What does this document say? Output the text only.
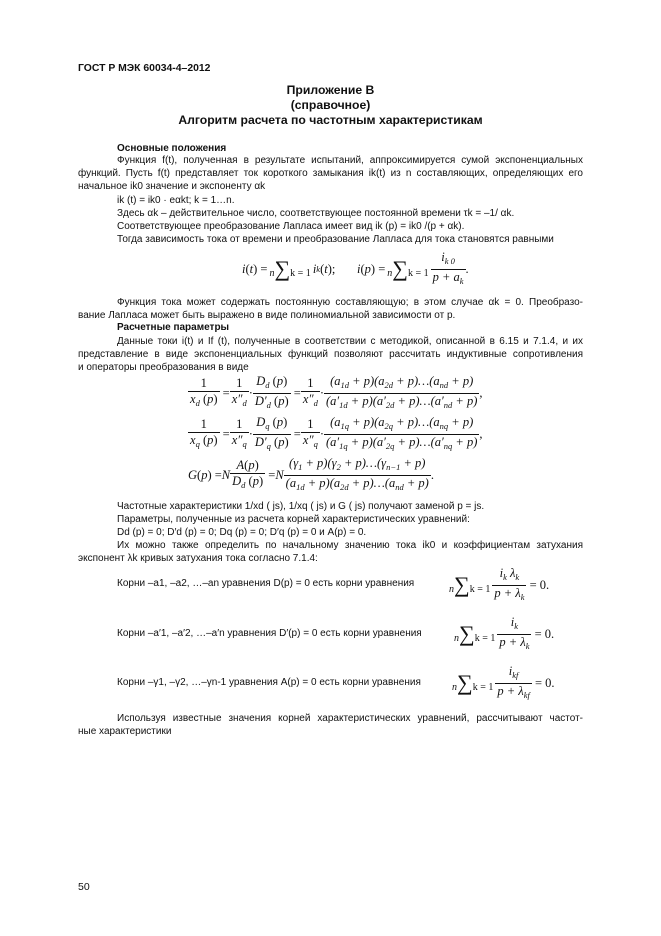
ГОСТ Р МЭК 60034-4–2012
Приложение В
(справочное)
Алгоритм расчета по частотным характеристикам
Основные положения
Функция f(t), полученная в результате испытаний, аппроксимируется сумой экспоненциальных
функций. Пусть f(t) представляет ток короткого замыкания ik(t) из n составляющих, определяющих его
начальное ik0 значение и экспоненту αk
ik (t) = ik0 · eαkt; k = 1…n.
Здесь αk – действительное число, соответствующее постоянной времени τk = –1/ αk.
Соответствующее преобразование Лапласа имеет вид ik (p) = ik0 /(p + αk).
Тогда зависимость тока от времени и преобразование Лапласа для тока становятся равными
i ( t ) = n∑k = 1 i k ( t ); i ( p ) = $n\sum k = 1 \frac{i_{k 0}}{p + a_k}$ .
Функция тока может содержать постоянную составляющую; в этом случае αk = 0. Преобразо-
вание Лапласа может быть выражено в виде полиномиальной зависимости от p.
Расчетные параметры
Данные токи i(t) и If (t), полученные в соответствии с методикой, описанной в 6.15 и 7.1.4, и их
представление в виде экспоненциальных функций позволяют рассчитать индуктивные сопротивления
и операторы преобразования в виде
$\frac{1}{x_d (p)} = \frac{1}{x''_d} \cdot \frac{D_d (p)}{D'_d (p)} = \frac{1}{x''_d} \cdot \frac{(a_{1d} + p)(a_{2d} + p)\dots(a_{nd} + p)}{(a'_{1d} + p)(a'_{2d} + p)\dots(a'_{nd} + p)}$ ,
$\frac{1}{x_q (p)} = \frac{1}{x''_q} \cdot \frac{D_q (p)}{D'_q (p)} = \frac{1}{x''_q} \cdot \frac{(a_{1q} + p)(a_{2q} + p)\dots(a_{nq} + p)}{(a'_{1q} + p)(a'_{2q} + p)\dots(a'_{nq} + p)}$ ,
G ( p ) = N $\frac{A(p)}{D_d (p)} = N \frac{(\gamma_1 + p)(\gamma_2 + p)\dots(\gamma_{n-1} + p)}{(a_{1d} + p)(a_{2d} + p)\dots(a_{nd} + p)}$ .
Частотные характеристики 1/xd ( js), 1/xq ( js) и G ( js) получают заменой p = js.
Параметры, полученные из расчета корней характеристических уравнений:
Dd (p) = 0; D′d (p) = 0; Dq (p) = 0; D′q (p) = 0 и A(p) = 0.
Их можно также определить по начальному значению тока ik0 и коэффициентам затухания
экспонент λk кривых затухания тока согласно 7.1.4:
Корни –a1, –a2, …–an уравнения D(p) = 0 есть корни уравнения
$n\sum k = 1 \frac{i_k \lambda_k}{p + \lambda_k} = 0$.
Корни –a′1, –a′2, …–a′n уравнения D′(p) = 0 есть корни уравнения	$n\sum k = 1 \frac{i_k}{p + \lambda_k} = 0$.
Корни –γ1, –γ2, …–γn-1 уравнения A(p) = 0 есть корни уравнения	$n\sum k = 1 \frac{i_{kf}}{p + \lambda_{kf}} = 0$.
Используя известные значения корней характеристических уравнений, рассчитывают частот-
ные характеристики
50
